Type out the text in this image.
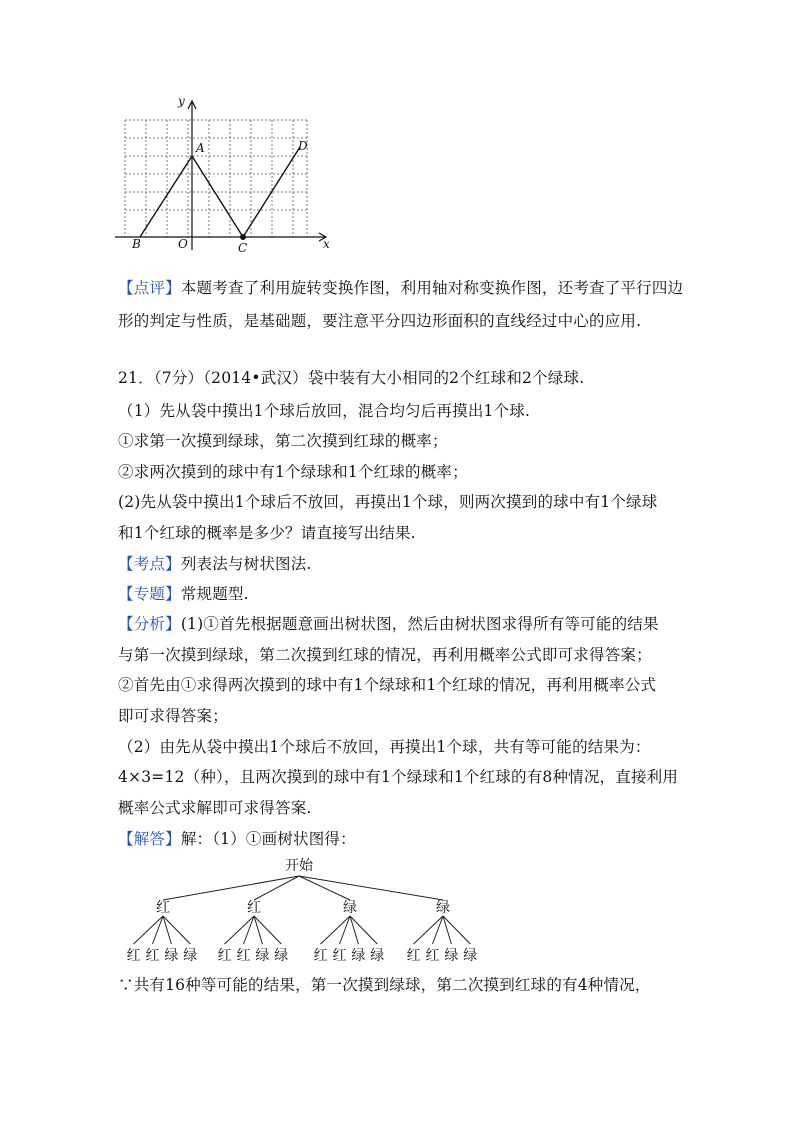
y
x
A
B	O	C
D
【点评】本题考查了利用旋转变换作图，利用轴对称变换作图，还考查了平行四边
形的判定与性质，是基础题，要注意平分四边形面积的直线经过中心的应用.
21．（7分）（2014•武汉）袋中装有大小相同的2个红球和2个绿球.
（1）先从袋中摸出1个球后放回，混合均匀后再摸出1个球.
①求第一次摸到绿球，第二次摸到红球的概率；
②求两次摸到的球中有1个绿球和1个红球的概率；
(2)先从袋中摸出1个球后不放回，再摸出1个球，则两次摸到的球中有1个绿球
和1个红球的概率是多少？请直接写出结果.
【考点】列表法与树状图法.
【专题】常规题型.
【分析】(1)①首先根据题意画出树状图，然后由树状图求得所有等可能的结果
与第一次摸到绿球，第二次摸到红球的情况，再利用概率公式即可求得答案；
②首先由①求得两次摸到的球中有1个绿球和1个红球的情况，再利用概率公式
即可求得答案；
（2）由先从袋中摸出1个球后不放回，再摸出1个球，共有等可能的结果为：
4×3=12（种），且两次摸到的球中有1个绿球和1个红球的有8种情况，直接利用
概率公式求解即可求得答案.
【解答】解：（1）①画树状图得：
开始
红
红 红 绿 绿
红
红 红 绿 绿
绿
红 红 绿 绿
绿
红 红 绿 绿
∵共有16种等可能的结果，第一次摸到绿球，第二次摸到红球的有4种情况，
